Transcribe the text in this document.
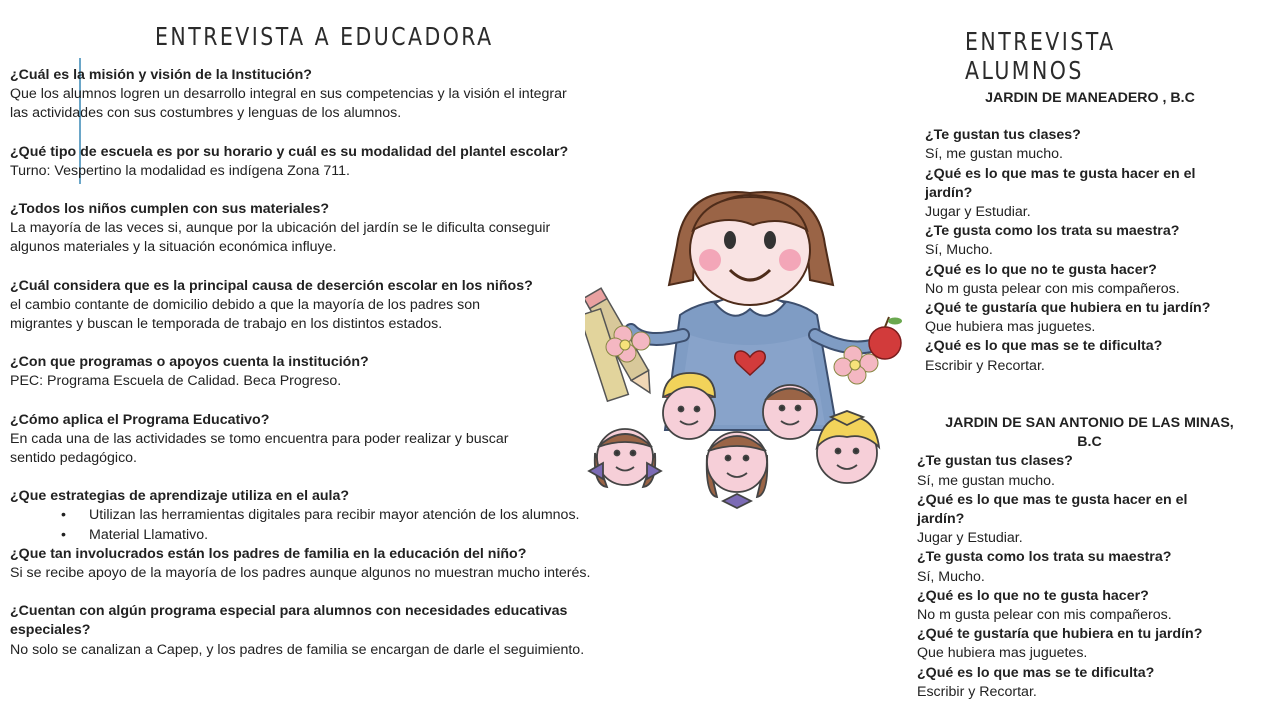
ENTREVISTA A EDUCADORA	ENTREVISTA ALUMNOS
¿Cuál es la misión y visión de la Institución?
Que los alumnos logren un desarrollo integral en sus competencias y la visión el integrar
las actividades con sus costumbres y lenguas de los alumnos.
¿Qué tipo de escuela es por su horario y cuál es su modalidad del plantel escolar?
Turno: Vespertino la modalidad es indígena Zona 711.
¿Todos los niños cumplen con sus materiales?
La mayoría de las veces si, aunque por la ubicación del jardín se le dificulta conseguir
algunos materiales y la situación económica influye.
¿Cuál considera que es la principal causa de deserción escolar en los niños?
el cambio contante de domicilio debido a que la mayoría de los padres son
migrantes y buscan le temporada de trabajo en los distintos estados.
¿Con que programas o apoyos cuenta la institución?
PEC: Programa Escuela de Calidad. Beca Progreso.
¿Cómo aplica el Programa Educativo?
En cada una de las actividades se tomo encuentra para poder realizar y buscar
sentido pedagógico.
¿Que estrategias de aprendizaje utiliza en el aula?
• Utilizan las herramientas digitales para recibir mayor atención de los alumnos.
• Material Llamativo.
¿Que tan involucrados están los padres de familia en la educación del niño?
Si se recibe apoyo de la mayoría de los padres aunque algunos no muestran mucho interés.
¿Cuentan con algún programa especial para alumnos con necesidades educativas
especiales?
No solo se canalizan a Capep, y los padres de familia se encargan de darle el seguimiento.
JARDIN DE MANEADERO , B.C
¿Te gustan tus clases?
Sí, me gustan mucho.
¿Qué es lo que mas te gusta hacer en el
jardín?
Jugar y Estudiar.
¿Te gusta como los trata su maestra?
Sí, Mucho.
¿Qué es lo que no te gusta hacer?
No m gusta pelear con mis compañeros.
¿Qué te gustaría que hubiera en tu jardín?
Que hubiera mas juguetes.
¿Qué es lo que mas se te dificulta?
Escribir y Recortar.
JARDIN DE SAN ANTONIO DE LAS MINAS,
B.C
¿Te gustan tus clases?
Sí, me gustan mucho.
¿Qué es lo que mas te gusta hacer en el
jardín?
Jugar y Estudiar.
¿Te gusta como los trata su maestra?
Sí, Mucho.
¿Qué es lo que no te gusta hacer?
No m gusta pelear con mis compañeros.
¿Qué te gustaría que hubiera en tu jardín?
Que hubiera mas juguetes.
¿Qué es lo que mas se te dificulta?
Escribir y Recortar.
